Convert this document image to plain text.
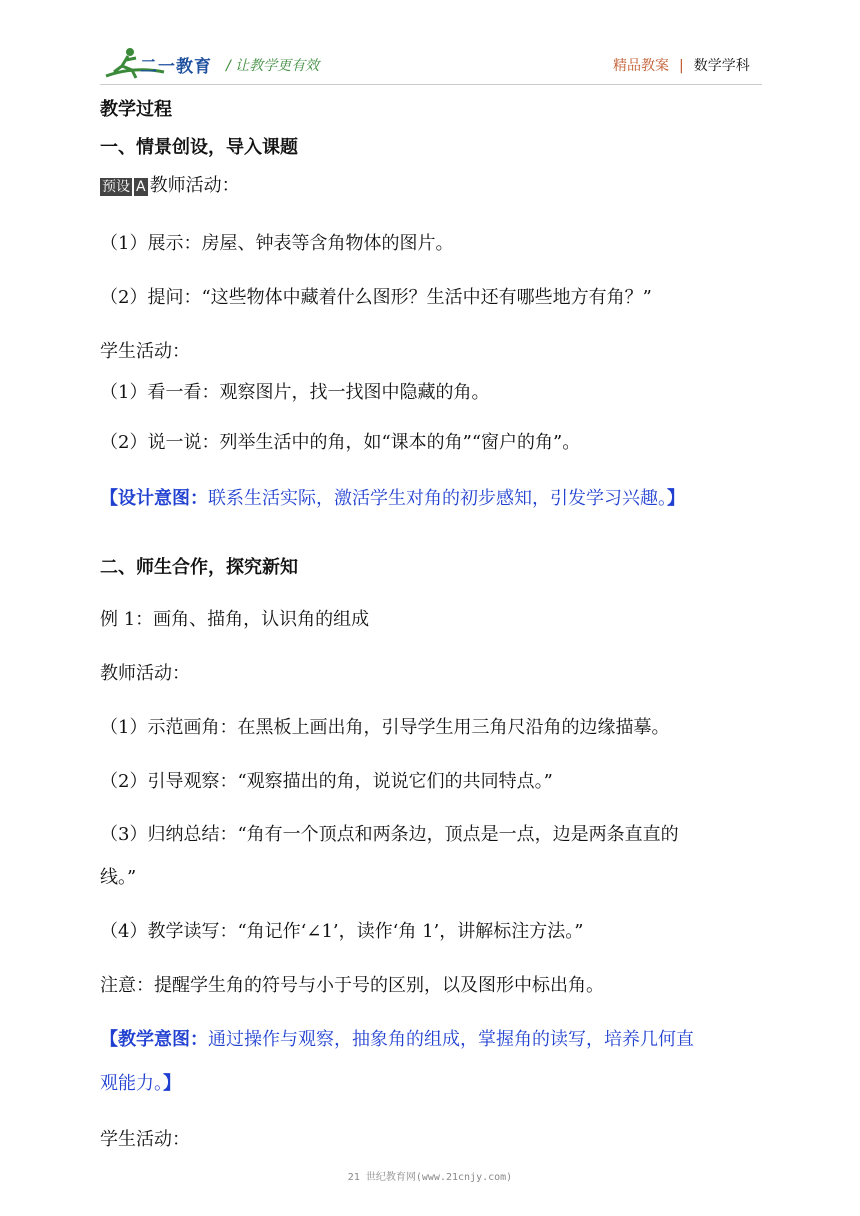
二一教育 / 让教学更有效	精品教案 | 数学学科
教学过程
一、情景创设，导入课题
预设 A 教师活动：
（1）展示：房屋、钟表等含角物体的图片。
（2）提问：“这些物体中藏着什么图形？生活中还有哪些地方有角？”
学生活动：
（1）看一看：观察图片，找一找图中隐藏的角。
（2）说一说：列举生活中的角，如“课本的角”“窗户的角”。
【设计意图：联系生活实际，激活学生对角的初步感知，引发学习兴趣。】
二、师生合作，探究新知
例 1：画角、描角，认识角的组成
教师活动：
（1）示范画角：在黑板上画出角，引导学生用三角尺沿角的边缘描摹。
（2）引导观察：“观察描出的角，说说它们的共同特点。”
（3）归纳总结：“角有一个顶点和两条边，顶点是一点，边是两条直直的
线。”
（4）教学读写：“角记作‘∠1’，读作‘角 1’，讲解标注方法。”
注意：提醒学生角的符号与小于号的区别，以及图形中标出角。
【教学意图：通过操作与观察，抽象角的组成，掌握角的读写，培养几何直
观能力。】
学生活动：
21 世纪教育网(www.21cnjy.com)
